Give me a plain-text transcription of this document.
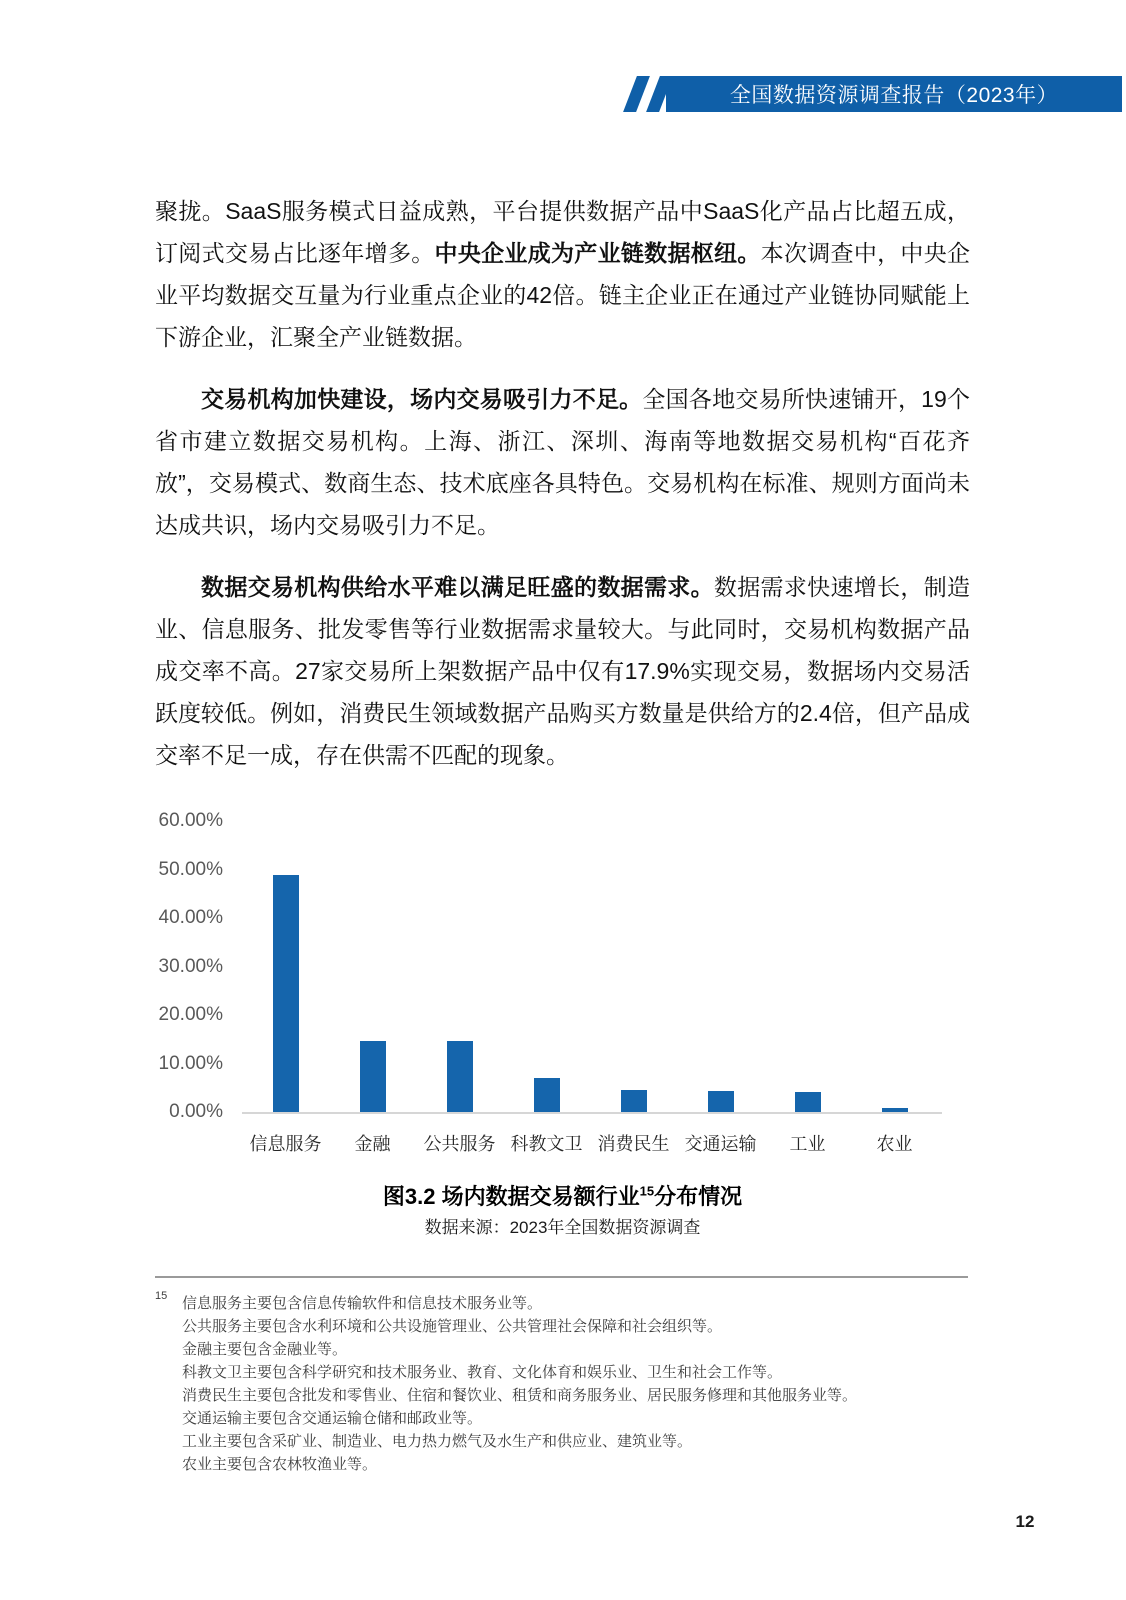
全国数据资源调查报告（2023年）

聚拢。SaaS服务模式日益成熟，平台提供数据产品中SaaS化产品占比超五成，订阅式交易占比逐年增多。中央企业成为产业链数据枢纽。本次调查中，中央企业平均数据交互量为行业重点企业的42倍。链主企业正在通过产业链协同赋能上下游企业，汇聚全产业链数据。

交易机构加快建设，场内交易吸引力不足。全国各地交易所快速铺开，19个省市建立数据交易机构。上海、浙江、深圳、海南等地数据交易机构“百花齐放”，交易模式、数商生态、技术底座各具特色。交易机构在标准、规则方面尚未达成共识，场内交易吸引力不足。

数据交易机构供给水平难以满足旺盛的数据需求。数据需求快速增长，制造业、信息服务、批发零售等行业数据需求量较大。与此同时，交易机构数据产品成交率不高。27家交易所上架数据产品中仅有17.9%实现交易，数据场内交易活跃度较低。例如，消费民生领域数据产品购买方数量是供给方的2.4倍，但产品成交率不足一成，存在供需不匹配的现象。

60.00%
50.00%
40.00%
30.00%
20.00%
10.00%
0.00%
信息服务	金融	公共服务 科教文卫 消费民生 交通运输	工业	农业
图3.2 场内数据交易额行业$^{15}$分布情况
数据来源：2023年全国数据资源调查
15 信息服务主要包含信息传输软件和信息技术服务业等。
公共服务主要包含水利环境和公共设施管理业、公共管理社会保障和社会组织等。
金融主要包含金融业等。
科教文卫主要包含科学研究和技术服务业、教育、文化体育和娱乐业、卫生和社会工作等。
消费民生主要包含批发和零售业、住宿和餐饮业、租赁和商务服务业、居民服务修理和其他服务业等。
交通运输主要包含交通运输仓储和邮政业等。
工业主要包含采矿业、制造业、电力热力燃气及水生产和供应业、建筑业等。
农业主要包含农林牧渔业等。
12
